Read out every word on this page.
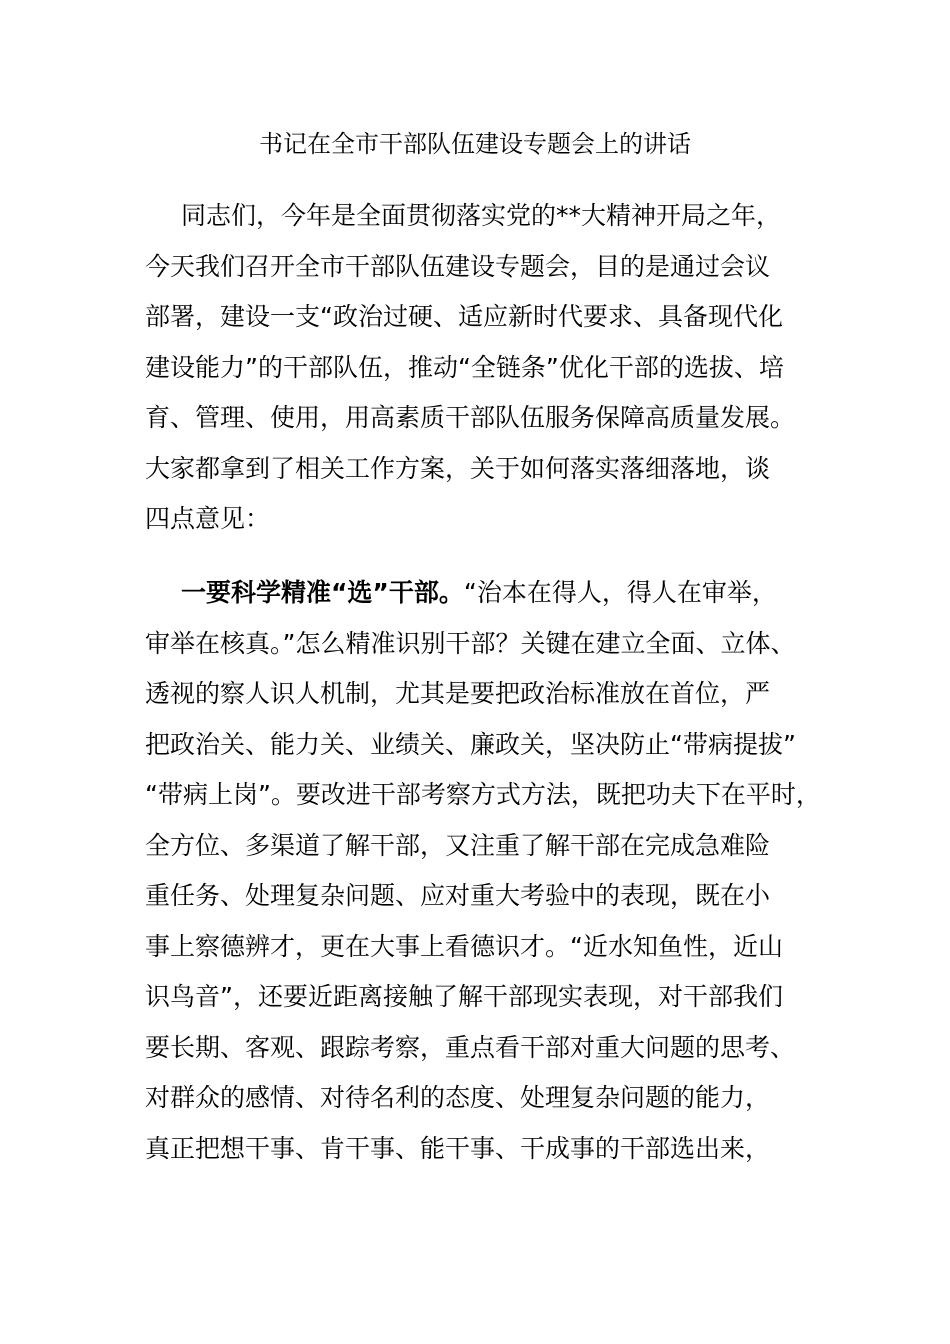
书记在全市干部队伍建设专题会上的讲话
同志们，今年是全面贯彻落实党的**大精神开局之年，
今天我们召开全市干部队伍建设专题会，目的是通过会议
部署，建设一支“政治过硬、适应新时代要求、具备现代化
建设能力”的干部队伍，推动“全链条”优化干部的选拔、培
育、管理、使用，用高素质干部队伍服务保障高质量发展。
大家都拿到了相关工作方案，关于如何落实落细落地，谈
四点意见：
一要科学精准“选”干部。“治本在得人，得人在审举，
审举在核真。”怎么精准识别干部？关键在建立全面、立体、
透视的察人识人机制，尤其是要把政治标准放在首位，严
把政治关、能力关、业绩关、廉政关，坚决防止“带病提拔”
“带病上岗”。要改进干部考察方式方法，既把功夫下在平时，
全方位、多渠道了解干部，又注重了解干部在完成急难险
重任务、处理复杂问题、应对重大考验中的表现，既在小
事上察德辨才，更在大事上看德识才。“近水知鱼性，近山
识鸟音”，还要近距离接触了解干部现实表现，对干部我们
要长期、客观、跟踪考察，重点看干部对重大问题的思考、
对群众的感情、对待名利的态度、处理复杂问题的能力，
真正把想干事、肯干事、能干事、干成事的干部选出来，
